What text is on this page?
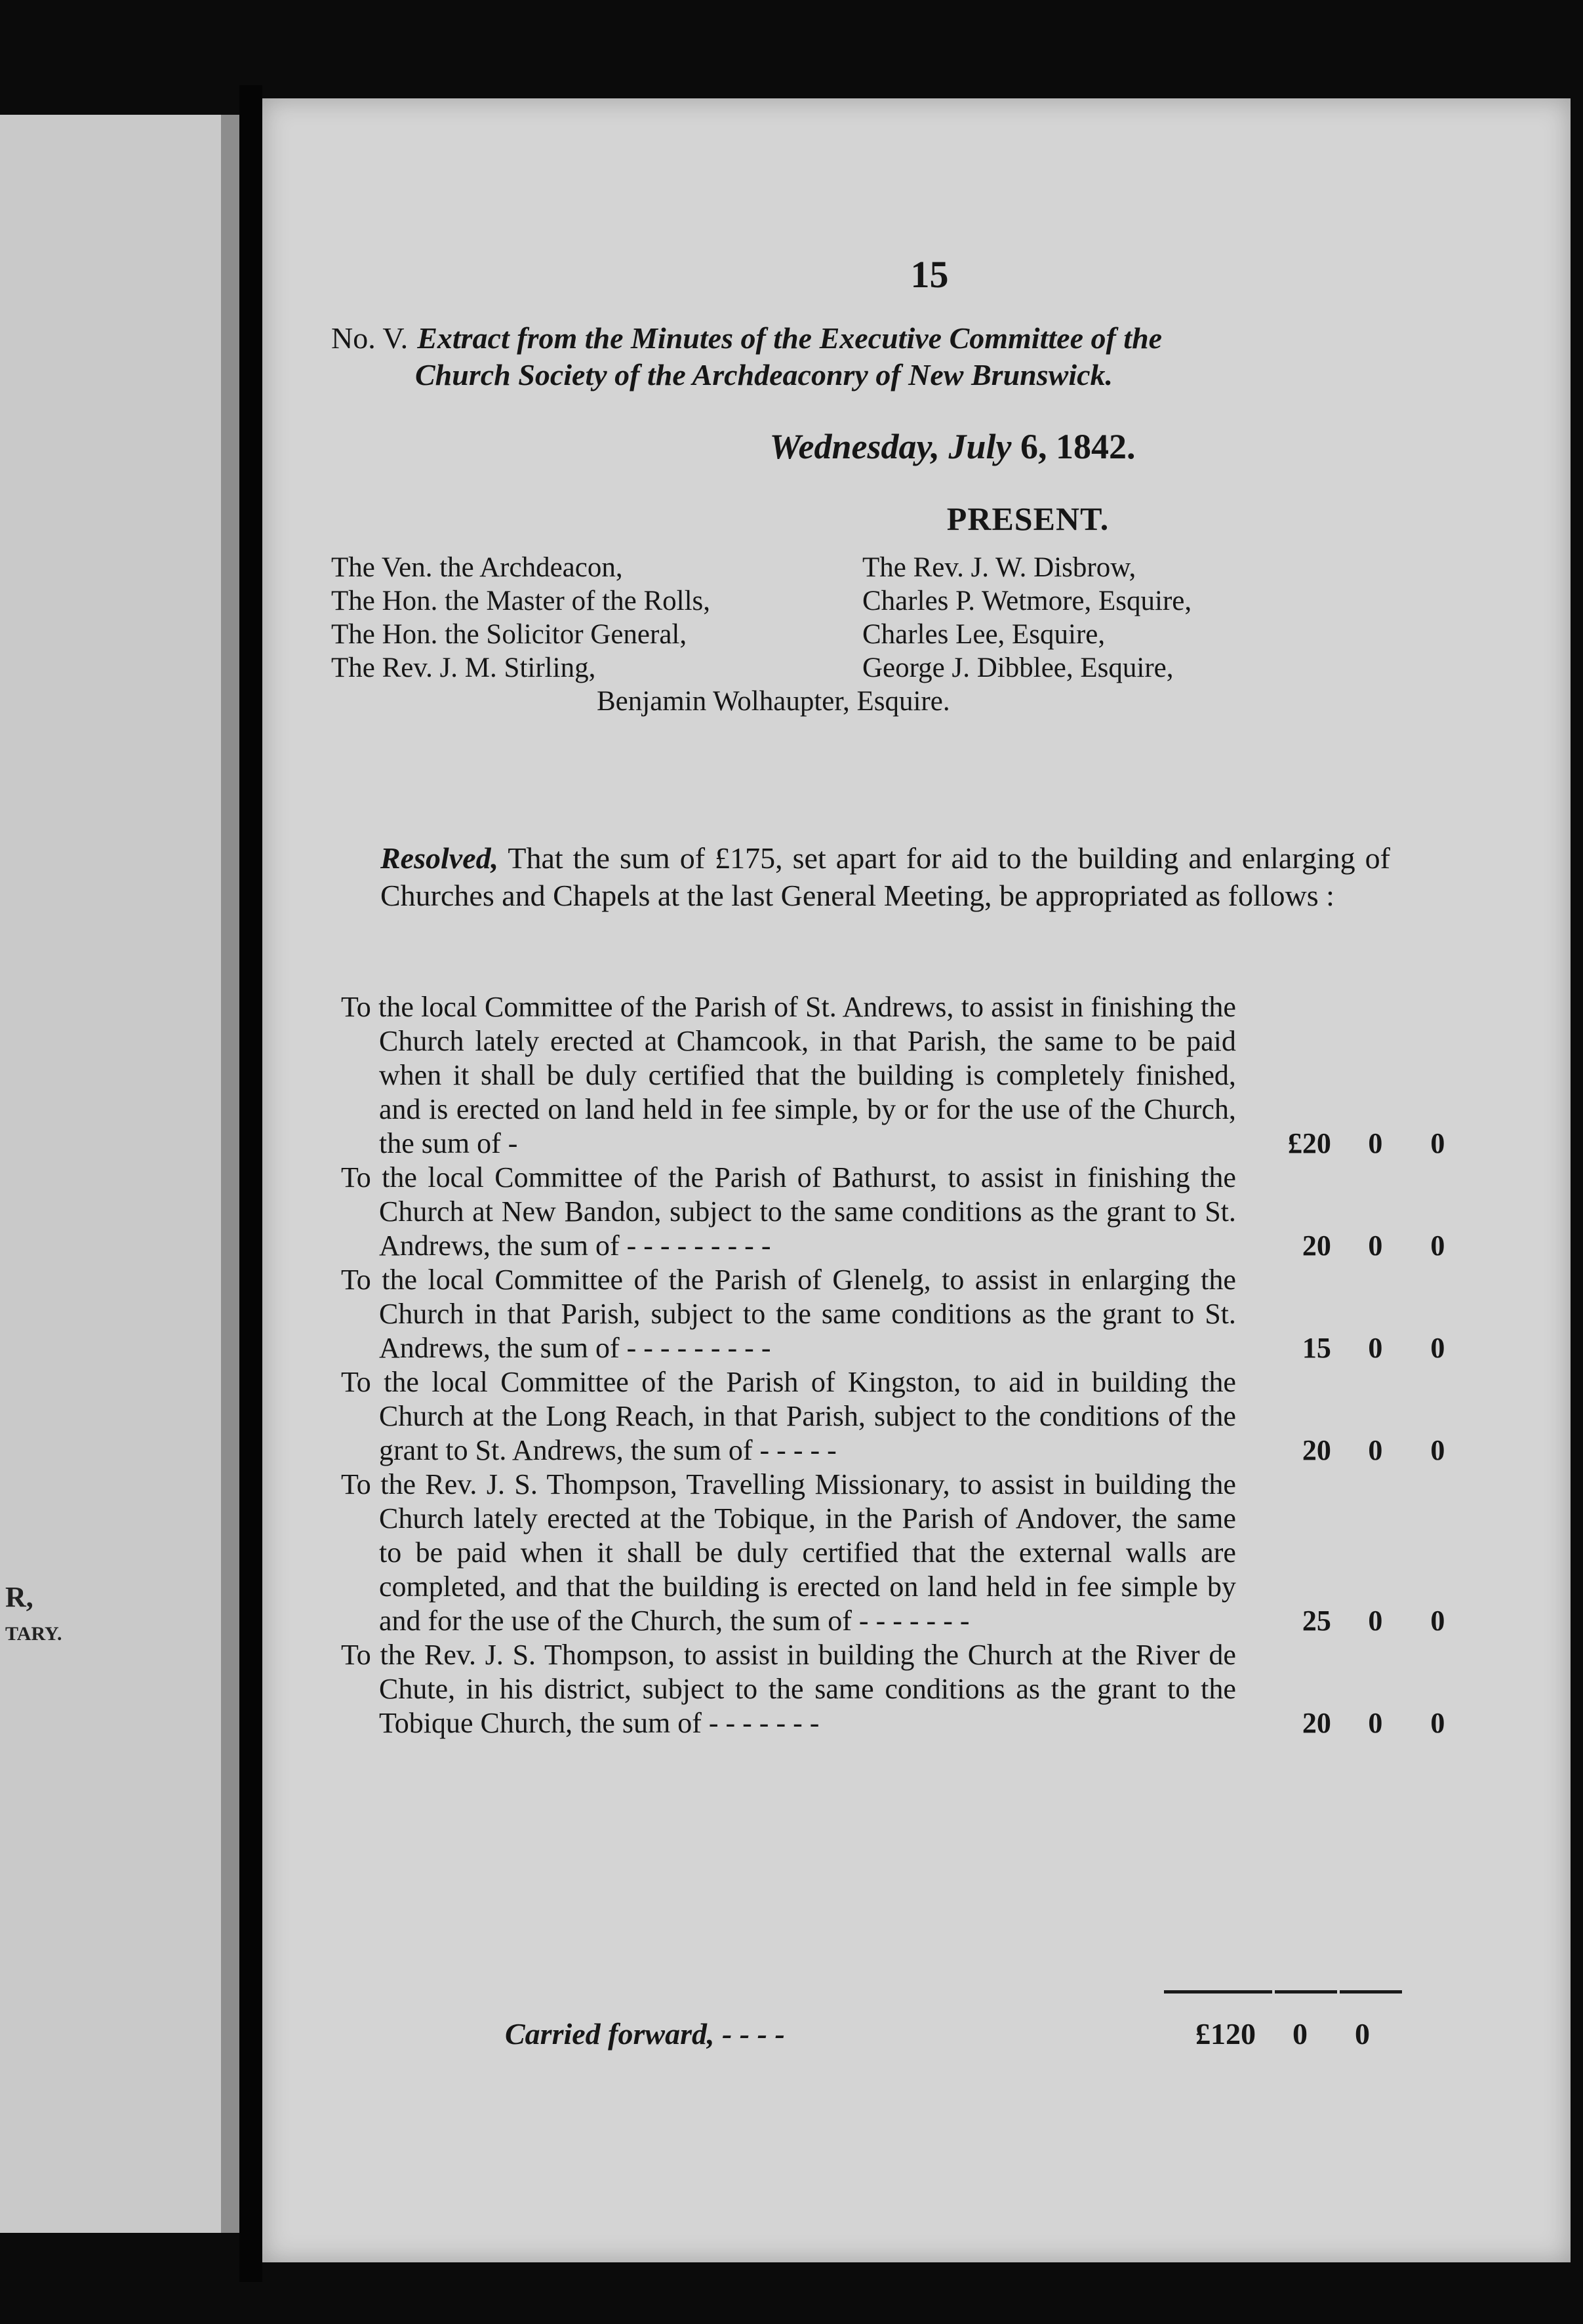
R,
TARY.
15
No. V. Extract from the Minutes of the Executive Committee of the
Church Society of the Archdeaconry of New Brunswick.
Wednesday, July 6, 1842.
PRESENT.
The Ven. the Archdeacon,	The Rev. J. W. Disbrow,
The Hon. the Master of the Rolls,	Charles P. Wetmore, Esquire,
The Hon. the Solicitor General,	Charles Lee, Esquire,
The Rev. J. M. Stirling,	George J. Dibblee, Esquire,
Benjamin Wolhaupter, Esquire.
Resolved, That the sum of £175, set apart for aid to the building and enlarging of Churches and Chapels at the last General Meeting, be appropriated as follows :
To the local Committee of the Parish of St. Andrews, to assist in finishing the Church lately erected at Chamcook, in that Parish, the same to be paid when it shall be duly certified that the building is completely finished, and is erected on land held in fee simple, by or for the use of the Church, the sum of -	£20	0	0
To the local Committee of the Parish of Bathurst, to assist in finishing the Church at New Bandon, subject to the same conditions as the grant to St. Andrews, the sum of - - - - - - - - -	20	0	0
To the local Committee of the Parish of Glenelg, to assist in enlarging the Church in that Parish, subject to the same conditions as the grant to St. Andrews, the sum of - - - - - - - - -	15	0	0
To the local Committee of the Parish of Kingston, to aid in building the Church at the Long Reach, in that Parish, subject to the conditions of the grant to St. Andrews, the sum of - - - - -	20	0	0
To the Rev. J. S. Thompson, Travelling Missionary, to assist in building the Church lately erected at the Tobique, in the Parish of Andover, the same to be paid when it shall be duly certified that the external walls are completed, and that the building is erected on land held in fee simple by and for the use of the Church, the sum of - - - - - - -	25	0	0
To the Rev. J. S. Thompson, to assist in building the Church at the River de Chute, in his district, subject to the same conditions as the grant to the Tobique Church, the sum of - - - - - - -	20	0	0
Carried forward, - - - -	£120	0	0
